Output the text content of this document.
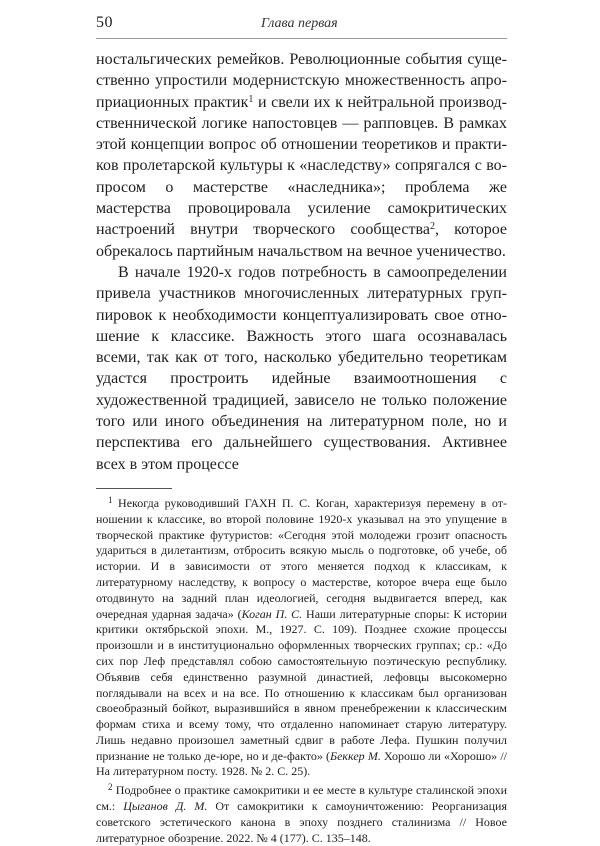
50	Глава первая

ностальгических ремейков. Революционные события существенно упростили модернистскую множественность апроприационных практик$^1$ и свели их к нейтральной производственнической логике напостовцев — рапповцев. В рамках этой концепции вопрос об отношении теоретиков и практиков пролетарской культуры к «наследству» сопрягался с вопросом о мастерстве «наследника»; проблема же мастерства провоцировала усиление самокритических настроений внутри творческого сообщества$^2$, которое обрекалось партийным начальством на вечное ученичество.

В начале 1920-х годов потребность в самоопределении привела участников многочисленных литературных группировок к необходимости концептуализировать свое отношение к классике. Важность этого шага осознавалась всеми, так как от того, насколько убедительно теоретикам удастся простроить идейные взаимоотношения с художественной традицией, зависело не только положение того или иного объединения на литературном поле, но и перспектива его дальнейшего существования. Активнее всех в этом процессе

$^1$ Некогда руководивший ГАХН П. С. Коган, характеризуя перемену в отношении к классике, во второй половине 1920-х указывал на это упущение в творческой практике футуристов: «Сегодня этой молодежи грозит опасность удариться в дилетантизм, отбросить всякую мысль о подготовке, об учебе, об истории. И в зависимости от этого меняется подход к классикам, к литературному наследству, к вопросу о мастерстве, которое вчера еще было отодвинуто на задний план идеологией, сегодня выдвигается вперед, как очередная ударная задача» (Коган П. С. Наши литературные споры: К истории критики октябрьской эпохи. М., 1927. С. 109). Позднее схожие процессы произошли и в институционально оформленных творческих группах; ср.: «До сих пор Леф представлял собою самостоятельную поэтическую республику. Объявив себя единственно разумной династией, лефовцы высокомерно поглядывали на всех и на все. По отношению к классикам был организован своеобразный бойкот, выразившийся в явном пренебрежении к классическим формам стиха и всему тому, что отдаленно напоминает старую литературу. Лишь недавно произошел заметный сдвиг в работе Лефа. Пушкин получил признание не только де-юре, но и де-факто» (Беккер М. Хорошо ли «Хорошо» // На литературном посту. 1928. № 2. С. 25).

$^2$ Подробнее о практике самокритики и ее месте в культуре сталинской эпохи см.: Цыганов Д. М. От самокритики к самоуничтожению: Реорганизация советского эстетического канона в эпоху позднего сталинизма // Новое литературное обозрение. 2022. № 4 (177). С. 135–148.
